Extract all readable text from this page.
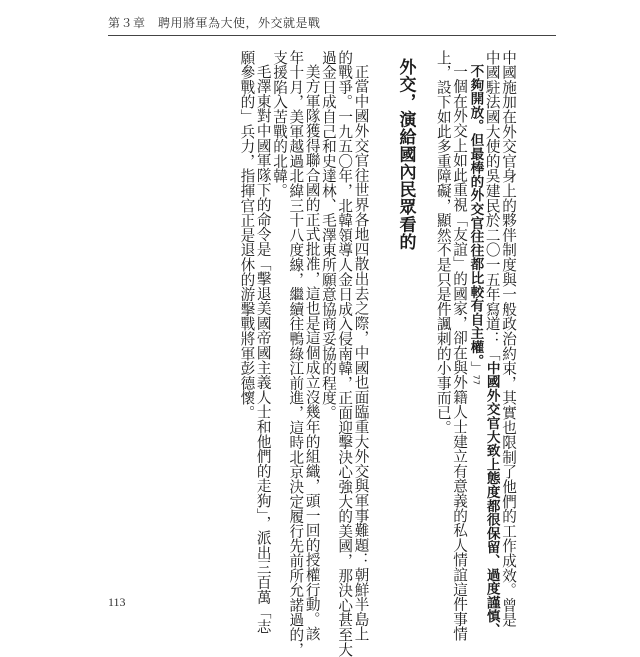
第３章　聘用將軍為大使，外交就是戰

中國施加在外交官身上的夥伴制度與一般政治約束，其實也限制了他們的工作成效。曾是

中國駐法國大使的吳建民於二〇一五年寫道：「中國外交官大致上態度都很保留、過度謹慎、

不夠開放。但最棒的外交官往往都比較有自主權。」77

一個在外交上如此重視「友誼」的國家，卻在與外籍人士建立有意義的私人情誼這件事情

上，設下如此多重障礙，顯然不是只是件諷刺的小事而已。

外交，演給國內民眾看的

正當中國外交官往世界各地四散出去之際，中國也面臨重大外交與軍事難題：朝鮮半島上

的戰爭。一九五〇年，北韓領導人金日成入侵南韓，正面迎擊決心強大的美國，那決心甚至大

過金日成自己和史達林、毛澤東所願意協商妥協的程度。

美方軍隊獲得聯合國的正式批准，這也是這個成立沒幾年的組織，頭一回的授權行動。該

年十月，美軍越過北緯三十八度線，繼續往鴨綠江前進，這時北京決定履行先前所允諾過的，

支援陷入苦戰的北韓。

毛澤東對中國軍隊下的命令是「擊退美國帝國主義人士和他們的走狗」，派出三百萬「志

願參戰的」兵力，指揮官正是退休的游擊戰將軍彭德懷。

113
